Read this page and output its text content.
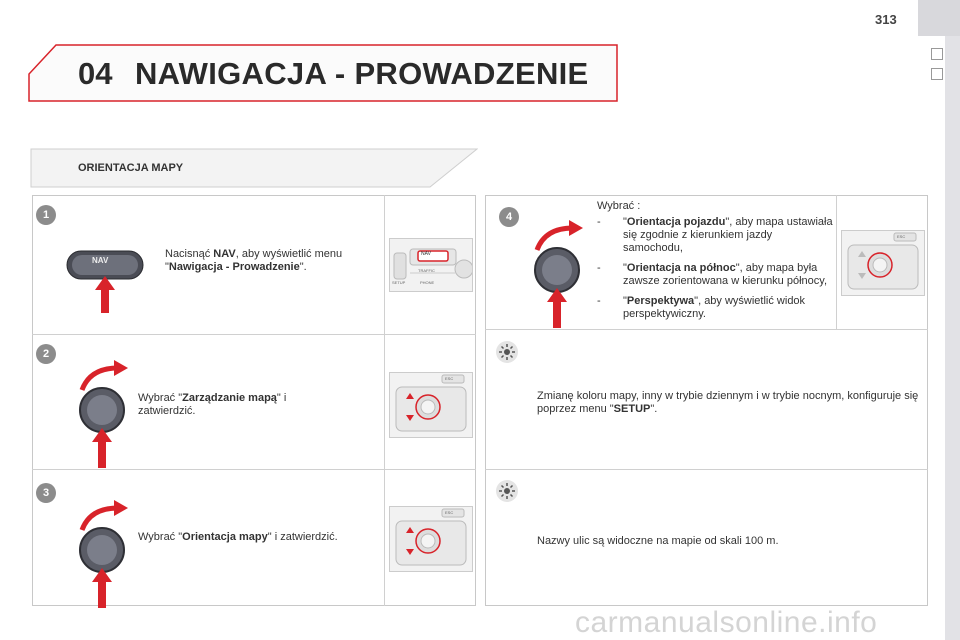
313
04 NAWIGACJA - PROWADZENIE
ORIENTACJA MAPY
1
2
3
4
NAV
Nacisnąć NAV, aby wyświetlić menu "Nawigacja - Prowadzenie".
NAV
TRAFFIC
PHONE
SETUP
Wybrać "Zarządzanie mapą" i zatwierdzić.
ESC
Wybrać "Orientacja mapy" i zatwierdzić.
ESC
Wybrać :
- "Orientacja pojazdu", aby mapa ustawiała się zgodnie z kierunkiem jazdy samochodu,
- "Orientacja na północ", aby mapa była zawsze zorientowana w kierunku północy,
- "Perspektywa", aby wyświetlić widok perspektywiczny.
ESC
Zmianę koloru mapy, inny w trybie dziennym i w trybie nocnym, konfiguruje się poprzez menu "SETUP".
Nazwy ulic są widoczne na mapie od skali 100 m.
carmanualsonline.info
